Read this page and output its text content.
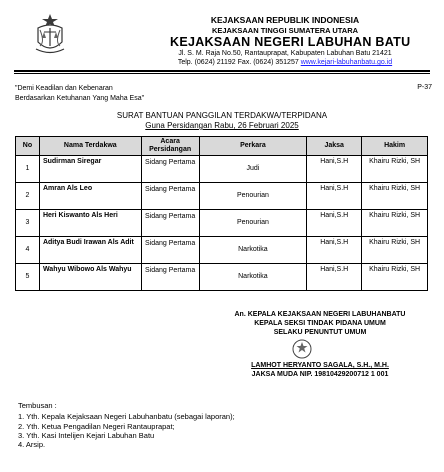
KEJAKSAAN REPUBLIK INDONESIA
KEJAKSAAN TINGGI SUMATERA UTARA
KEJAKSAAN NEGERI LABUHAN BATU
Jl. S. M. Raja No.50, Rantauprapat, Kabupaten Labuhan Batu 21421
Telp. (0624) 21192 Fax. (0624) 351257 www.kejari-labuhanbatu.go.id
"Demi Keadilan dan Kebenaran
Berdasarkan Ketuhanan Yang Maha Esa"
P-37
SURAT BANTUAN PANGGILAN TERDAKWA/TERPIDANA
Guna Persidangan Rabu, 26 Februari 2025
No	Nama Terdakwa	Acara Persidangan	Perkara	Jaksa	Hakim
1	Sudirman Siregar	Sidang Pertama	Judi	Hani,S.H	Khairu Rizki, SH
2	Amran Als Leo	Sidang Pertama	Penourian	Hani,S.H	Khairu Rizki, SH
3	Heri Kiswanto Als Heri	Sidang Pertama	Penourian	Hani,S.H	Khairu Rizki, SH
4	Aditya Budi Irawan Als Adit	Sidang Pertama	Narkotika	Hani,S.H	Khairu Rizki, SH
5	Wahyu Wibowo Als Wahyu	Sidang Pertama	Narkotika	Hani,S.H	Khairu Rizki, SH
An. KEPALA KEJAKSAAN NEGERI LABUHANBATU
KEPALA SEKSI TINDAK PIDANA UMUM
SELAKU PENUNTUT UMUM
LAMHOT HERYANTO SAGALA, S.H., M.H.
JAKSA MUDA NIP. 19810429200712 1 001
Tembusan :
1. Yth. Kepala Kejaksaan Negeri Labuhanbatu (sebagai laporan);
2. Yth. Ketua Pengadilan Negeri Rantauprapat;
3. Yth. Kasi Intelijen Kejari Labuhan Batu
4. Arsip.
